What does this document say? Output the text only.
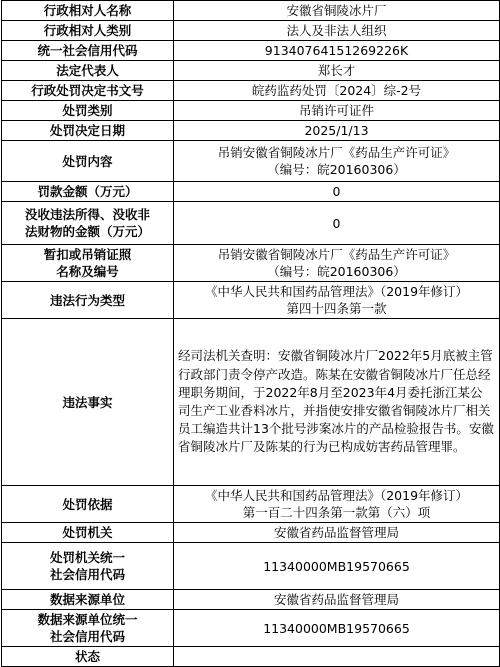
行政相对人名称	安徽省铜陵冰片厂
行政相对人类别	法人及非法人组织
统一社会信用代码	91340764151269226K
法定代表人	郑长才
行政处罚决定书文号	皖药监药处罚〔2024〕综-2号
处罚类别	吊销许可证件
处罚决定日期	2025/1/13
处罚内容	吊销安徽省铜陵冰片厂《药品生产许可证》
（编号：皖20160306）
罚款金额（万元）	0
没收违法所得、没收非
法财物的金额（万元）	0
暂扣或吊销证照
名称及编号	吊销安徽省铜陵冰片厂《药品生产许可证》
（编号：皖20160306）
违法行为类型	《中华人民共和国药品管理法》（2019年修订）
第四十四条第一款
违法事实	经司法机关查明：安徽省铜陵冰片厂2022年5月底被主管行政部门责令停产改造。陈某在安徽省铜陵冰片厂任总经理职务期间，于2022年8月至2023年4月委托浙江某公司生产工业香料冰片，并指使安排安徽省铜陵冰片厂相关员工编造共计13个批号涉案冰片的产品检验报告书。安徽省铜陵冰片厂及陈某的行为已构成妨害药品管理罪。
处罚依据	《中华人民共和国药品管理法》（2019年修订）
第一百二十四条第一款第（六）项
处罚机关	安徽省药品监督管理局
处罚机关统一
社会信用代码	11340000MB19570665
数据来源单位	安徽省药品监督管理局
数据来源单位统一
社会信用代码	11340000MB19570665
状态	
